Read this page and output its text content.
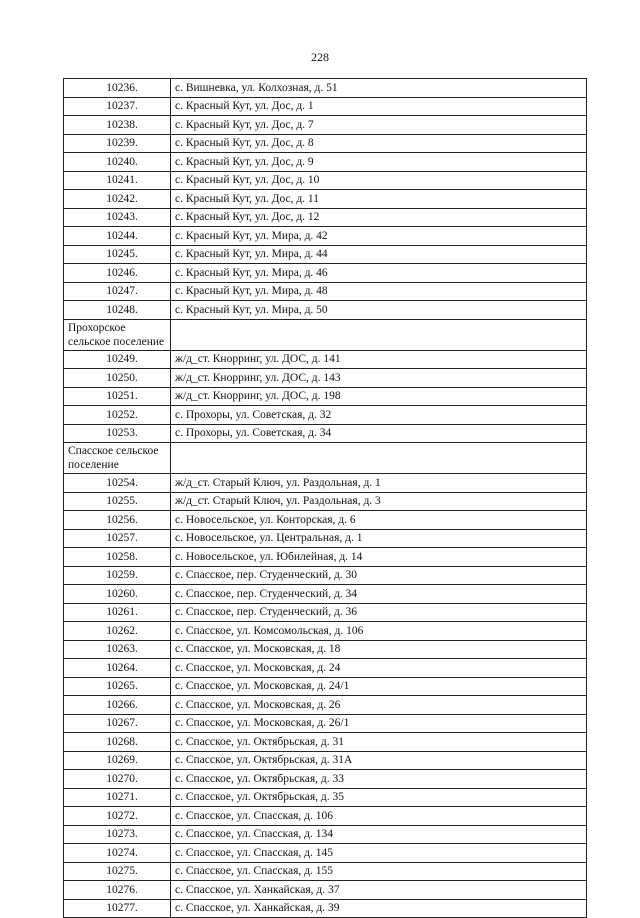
228
10236.	с. Вишневка, ул. Колхозная, д. 51
10237.	с. Красный Кут, ул. Дос, д. 1
10238.	с. Красный Кут, ул. Дос, д. 7
10239.	с. Красный Кут, ул. Дос, д. 8
10240.	с. Красный Кут, ул. Дос, д. 9
10241.	с. Красный Кут, ул. Дос, д. 10
10242.	с. Красный Кут, ул. Дос, д. 11
10243.	с. Красный Кут, ул. Дос, д. 12
10244.	с. Красный Кут, ул. Мира, д. 42
10245.	с. Красный Кут, ул. Мира, д. 44
10246.	с. Красный Кут, ул. Мира, д. 46
10247.	с. Красный Кут, ул. Мира, д. 48
10248.	с. Красный Кут, ул. Мира, д. 50
Прохорское сельское поселение	
10249.	ж/д_ст. Кнорринг, ул. ДОС, д. 141
10250.	ж/д_ст. Кнорринг, ул. ДОС, д. 143
10251.	ж/д_ст. Кнорринг, ул. ДОС, д. 198
10252.	с. Прохоры, ул. Советская, д. 32
10253.	с. Прохоры, ул. Советская, д. 34
Спасское сельское поселение	
10254.	ж/д_ст. Старый Ключ, ул. Раздольная, д. 1
10255.	ж/д_ст. Старый Ключ, ул. Раздольная, д. 3
10256.	с. Новосельское, ул. Конторская, д. 6
10257.	с. Новосельское, ул. Центральная, д. 1
10258.	с. Новосельское, ул. Юбилейная, д. 14
10259.	с. Спасское, пер. Студенческий, д. 30
10260.	с. Спасское, пер. Студенческий, д. 34
10261.	с. Спасское, пер. Студенческий, д. 36
10262.	с. Спасское, ул. Комсомольская, д. 106
10263.	с. Спасское, ул. Московская, д. 18
10264.	с. Спасское, ул. Московская, д. 24
10265.	с. Спасское, ул. Московская, д. 24/1
10266.	с. Спасское, ул. Московская, д. 26
10267.	с. Спасское, ул. Московская, д. 26/1
10268.	с. Спасское, ул. Октябрьская, д. 31
10269.	с. Спасское, ул. Октябрьская, д. 31А
10270.	с. Спасское, ул. Октябрьская, д. 33
10271.	с. Спасское, ул. Октябрьская, д. 35
10272.	с. Спасское, ул. Спасская, д. 106
10273.	с. Спасское, ул. Спасская, д. 134
10274.	с. Спасское, ул. Спасская, д. 145
10275.	с. Спасское, ул. Спасская, д. 155
10276.	с. Спасское, ул. Ханкайская, д. 37
10277.	с. Спасское, ул. Ханкайская, д. 39
